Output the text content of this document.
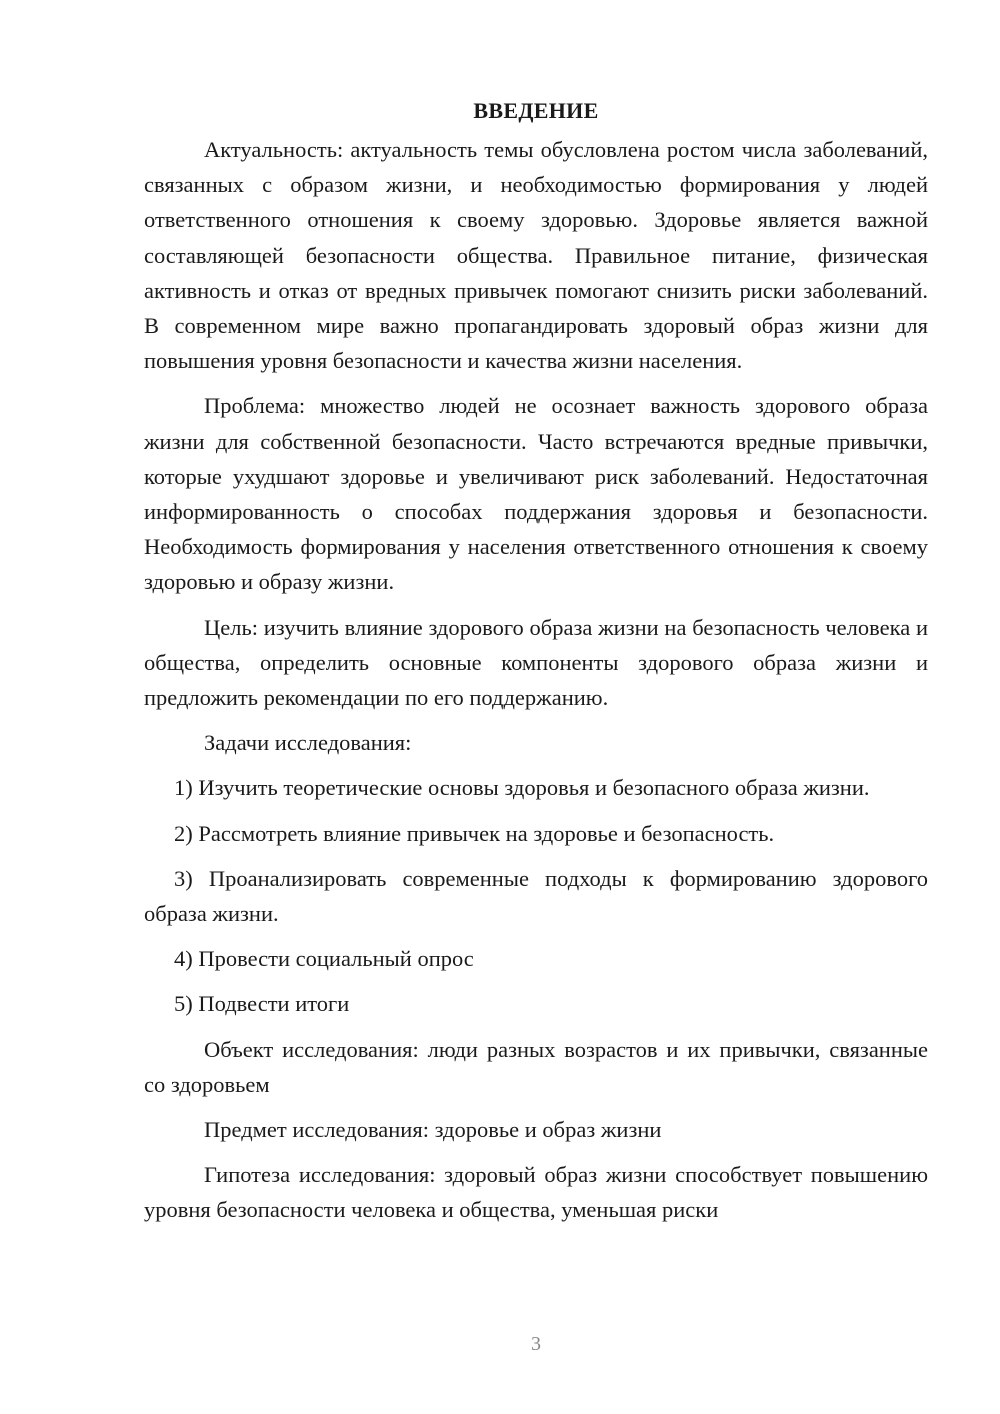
ВВЕДЕНИЕ

Актуальность: актуальность темы обусловлена ростом числа заболеваний, связанных с образом жизни, и необходимостью формирования у людей ответственного отношения к своему здоровью. Здоровье является важной составляющей безопасности общества. Правильное питание, физическая активность и отказ от вредных привычек помогают снизить риски заболеваний. В современном мире важно пропагандировать здоровый образ жизни для повышения уровня безопасности и качества жизни населения.

Проблема: множество людей не осознает важность здорового образа жизни для собственной безопасности. Часто встречаются вредные привычки, которые ухудшают здоровье и увеличивают риск заболеваний. Недостаточная информированность о способах поддержания здоровья и безопасности. Необходимость формирования у населения ответственного отношения к своему здоровью и образу жизни.

Цель: изучить влияние здорового образа жизни на безопасность человека и общества, определить основные компоненты здорового образа жизни и предложить рекомендации по его поддержанию.

Задачи исследования:

1) Изучить теоретические основы здоровья и безопасного образа жизни.

2) Рассмотреть влияние привычек на здоровье и безопасность.

3) Проанализировать современные подходы к формированию здорового образа жизни.

4) Провести социальный опрос

5) Подвести итоги

Объект исследования: люди разных возрастов и их привычки, связанные со здоровьем

Предмет исследования: здоровье и образ жизни

Гипотеза исследования: здоровый образ жизни способствует повышению уровня безопасности человека и общества, уменьшая риски

3
